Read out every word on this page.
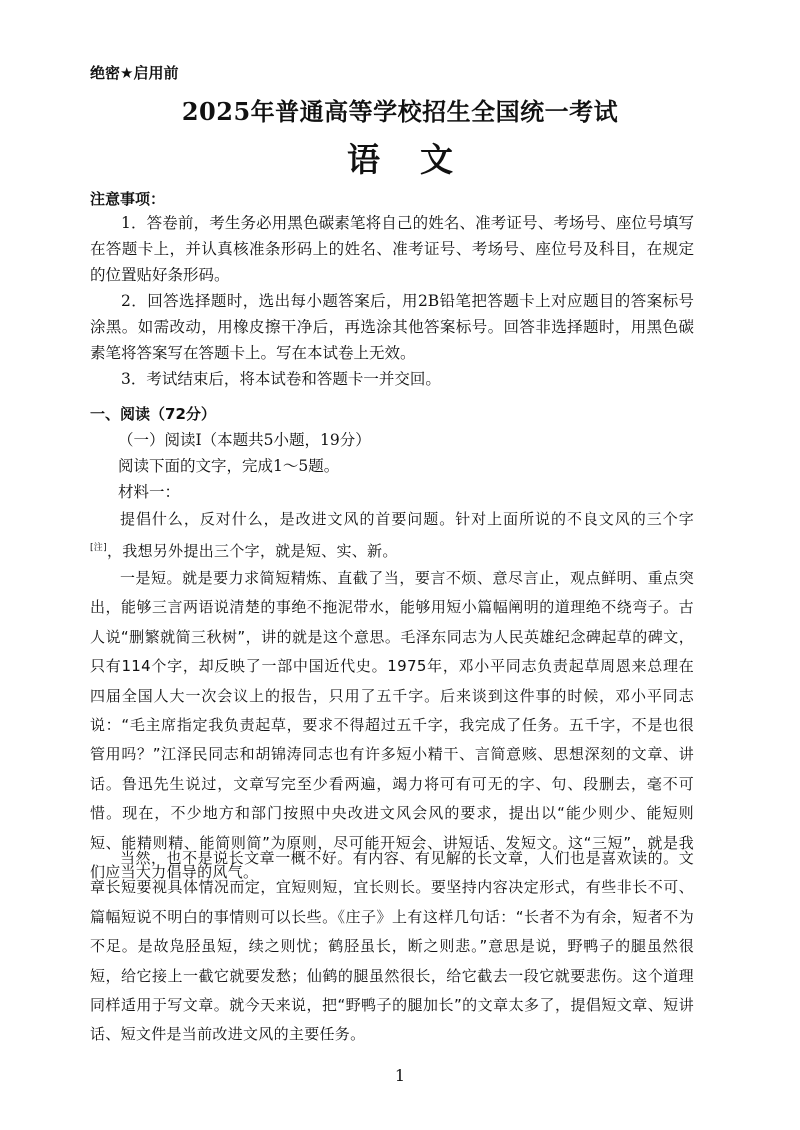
绝密★启用前
2025年普通高等学校招生全国统一考试
语文
注意事项：

1．答卷前，考生务必用黑色碳素笔将自己的姓名、准考证号、考场号、座位号填写在答题卡上，并认真核准条形码上的姓名、准考证号、考场号、座位号及科目，在规定的位置贴好条形码。

2．回答选择题时，选出每小题答案后，用2B铅笔把答题卡上对应题目的答案标号涂黑。如需改动，用橡皮擦干净后，再选涂其他答案标号。回答非选择题时，用黑色碳素笔将答案写在答题卡上。写在本试卷上无效。

3．考试结束后，将本试卷和答题卡一并交回。

一、阅读（72分）
（一）阅读Ⅰ（本题共5小题，19分）
阅读下面的文字，完成1～5题。
材料一：

提倡什么，反对什么，是改进文风的首要问题。针对上面所说的不良文风的三个字[注]，我想另外提出三个字，就是短、实、新。

一是短。就是要力求简短精炼、直截了当，要言不烦、意尽言止，观点鲜明、重点突出，能够三言两语说清楚的事绝不拖泥带水，能够用短小篇幅阐明的道理绝不绕弯子。古人说“删繁就简三秋树”，讲的就是这个意思。毛泽东同志为人民英雄纪念碑起草的碑文，只有114个字，却反映了一部中国近代史。1975年，邓小平同志负责起草周恩来总理在四届全国人大一次会议上的报告，只用了五千字。后来谈到这件事的时候，邓小平同志说：“毛主席指定我负责起草，要求不得超过五千字，我完成了任务。五千字，不是也很管用吗？”江泽民同志和胡锦涛同志也有许多短小精干、言简意赅、思想深刻的文章、讲话。鲁迅先生说过，文章写完至少看两遍，竭力将可有可无的字、句、段删去，毫不可惜。现在，不少地方和部门按照中央改进文风会风的要求，提出以“能少则少、能短则短、能精则精、能简则简”为原则，尽可能开短会、讲短话、发短文。这“三短”，就是我们应当大力倡导的风气。

当然，也不是说长文章一概不好。有内容、有见解的长文章，人们也是喜欢读的。文章长短要视具体情况而定，宜短则短，宜长则长。要坚持内容决定形式，有些非长不可、篇幅短说不明白的事情则可以长些。《庄子》上有这样几句话：“长者不为有余，短者不为不足。是故凫胫虽短，续之则忧；鹤胫虽长，断之则悲。”意思是说，野鸭子的腿虽然很短，给它接上一截它就要发愁；仙鹤的腿虽然很长，给它截去一段它就要悲伤。这个道理同样适用于写文章。就今天来说，把“野鸭子的腿加长”的文章太多了，提倡短文章、短讲话、短文件是当前改进文风的主要任务。

1
